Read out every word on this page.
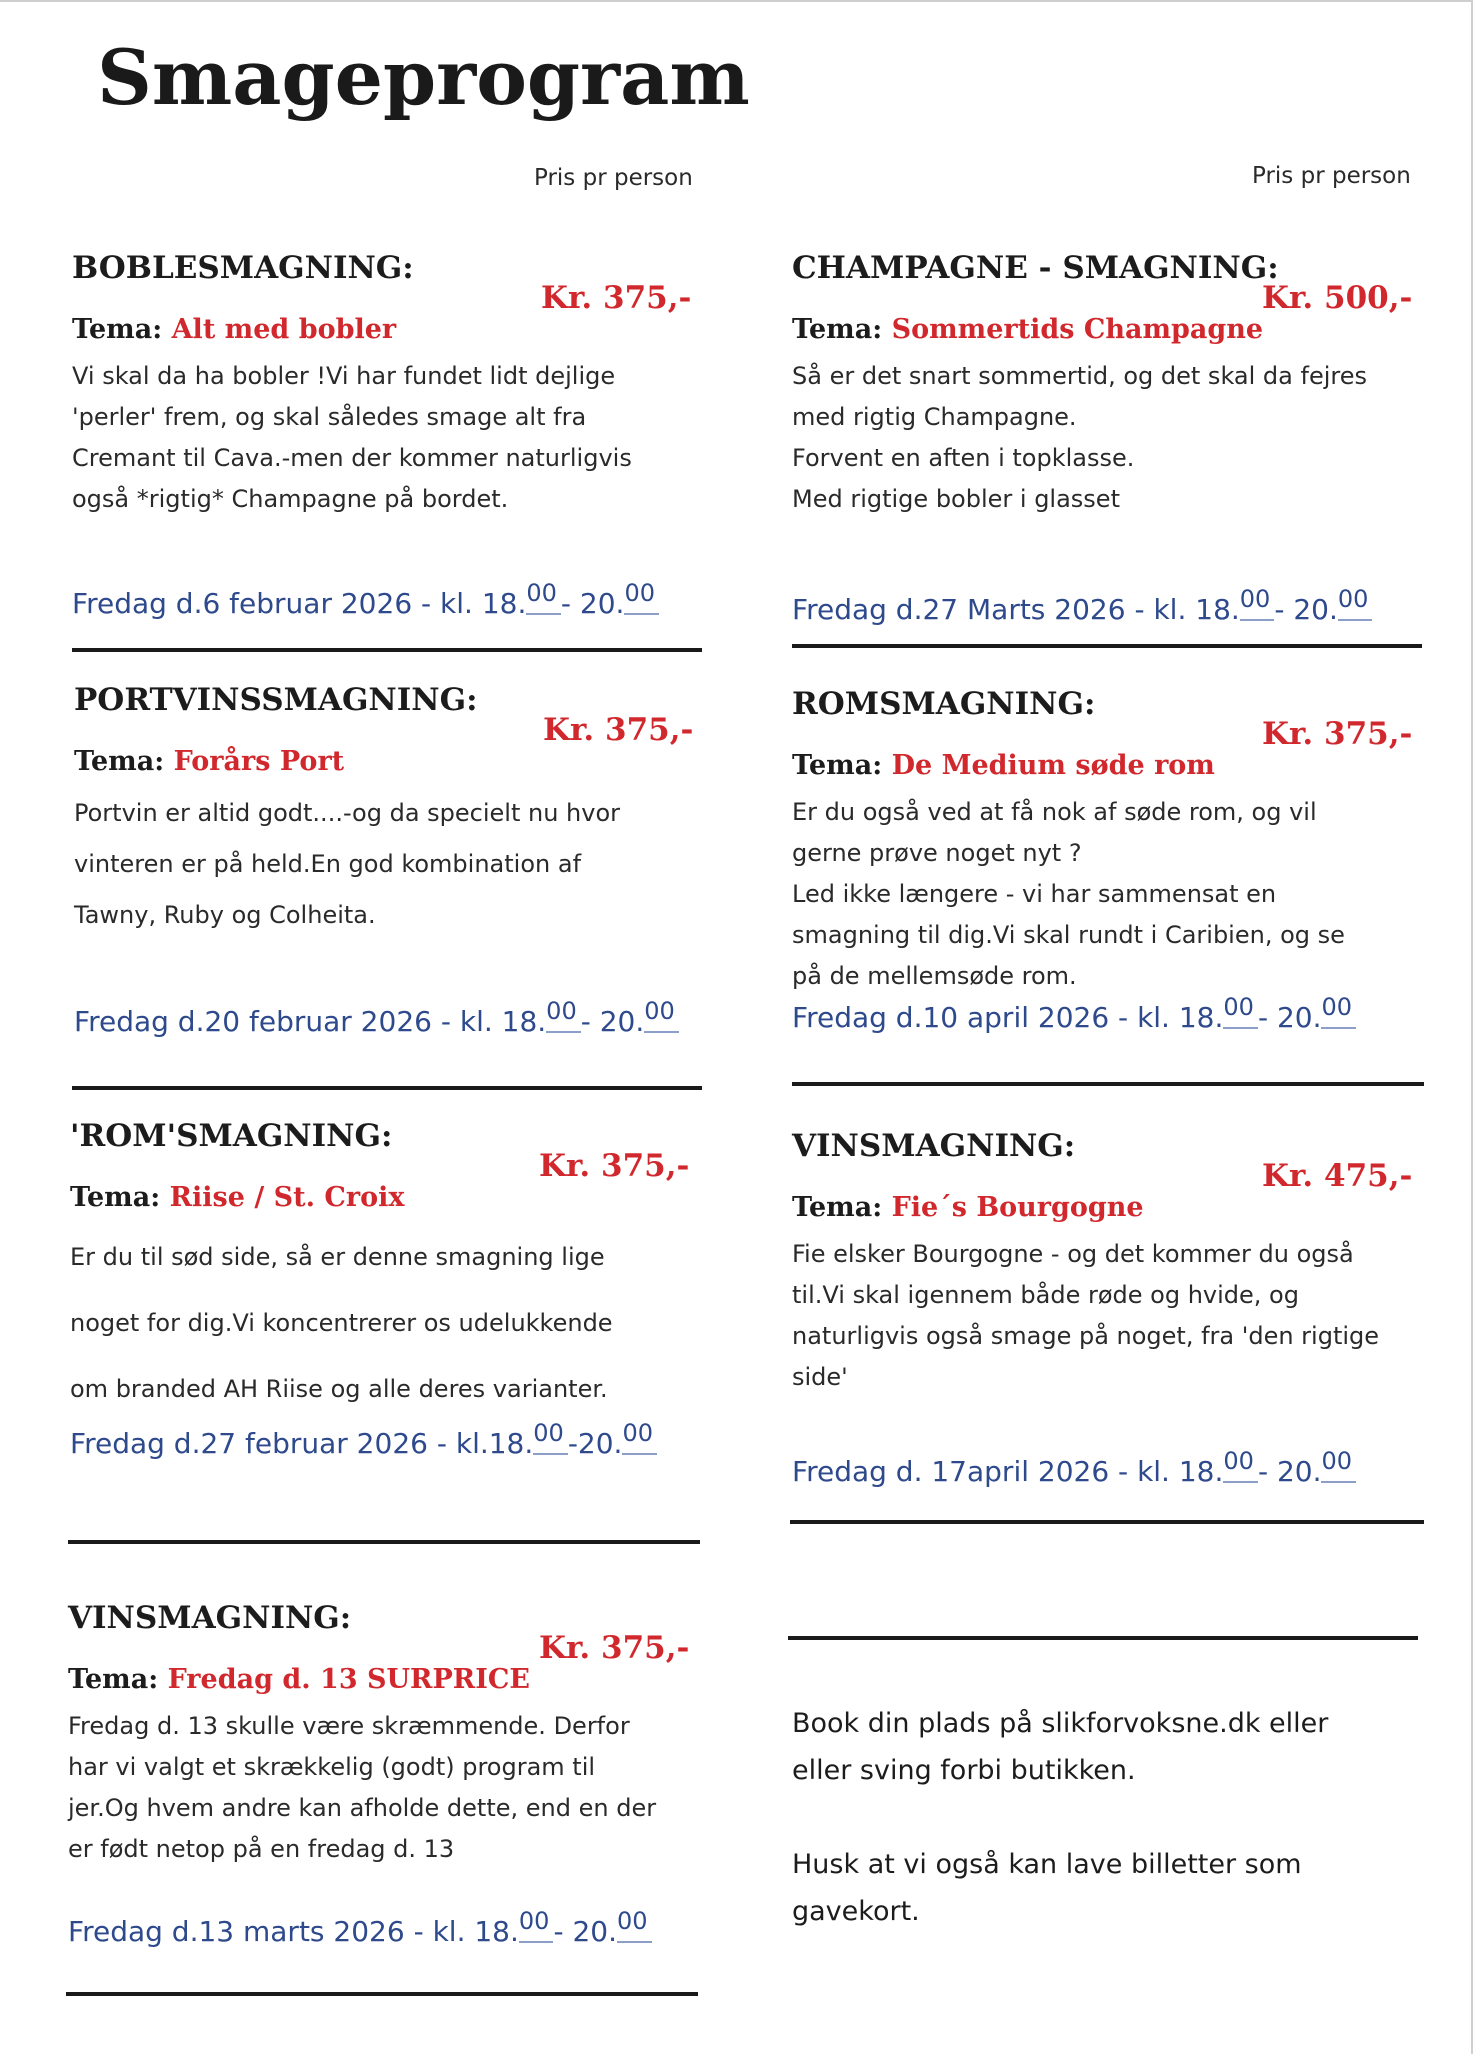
Smageprogram
Pris pr person	Pris pr person
BOBLESMAGNING:
Kr. 375,-
Tema: Alt med bobler
Vi skal da ha bobler !Vi har fundet lidt dejlige
'perler' frem, og skal således smage alt fra
Cremant til Cava.-men der kommer naturligvis
også *rigtig* Champagne på bordet.
Fredag d.6 februar 2026 - kl. 18.00 - 20.00
CHAMPAGNE - SMAGNING:
Kr. 500,-
Tema: Sommertids Champagne
Så er det snart sommertid, og det skal da fejres
med rigtig Champagne.
Forvent en aften i topklasse.
Med rigtige bobler i glasset
Fredag d.27 Marts 2026 - kl. 18.00 - 20.00
PORTVINSSMAGNING:
Kr. 375,-
Tema: Forårs Port
Portvin er altid godt....-og da specielt nu hvor
vinteren er på held.En god kombination af
Tawny, Ruby og Colheita.
Fredag d.20 februar 2026 - kl. 18.00 - 20.00
ROMSMAGNING:
Kr. 375,-
Tema: De Medium søde rom
Er du også ved at få nok af søde rom, og vil
gerne prøve noget nyt ?
Led ikke længere - vi har sammensat en
smagning til dig.Vi skal rundt i Caribien, og se
på de mellemsøde rom.
Fredag d.10 april 2026 - kl. 18.00 - 20.00
'ROM'SMAGNING:
Kr. 375,-
Tema: Riise / St. Croix
Er du til sød side, så er denne smagning lige
noget for dig.Vi koncentrerer os udelukkende
om branded AH Riise og alle deres varianter.
Fredag d.27 februar 2026 - kl.18.00 -20.00
VINSMAGNING:
Kr. 475,-
Tema: Fie´s Bourgogne
Fie elsker Bourgogne - og det kommer du også
til.Vi skal igennem både røde og hvide, og
naturligvis også smage på noget, fra 'den rigtige
side'
Fredag d. 17april 2026 - kl. 18.00 - 20.00
VINSMAGNING:
Kr. 375,-
Tema: Fredag d. 13 SURPRICE
Fredag d. 13 skulle være skræmmende. Derfor
har vi valgt et skrækkelig (godt) program til
jer.Og hvem andre kan afholde dette, end en der
er født netop på en fredag d. 13
Fredag d.13 marts 2026 - kl. 18.00 - 20.00

Book din plads på slikforvoksne.dk eller

eller sving forbi butikken.

Husk at vi også kan lave billetter som

gavekort.
